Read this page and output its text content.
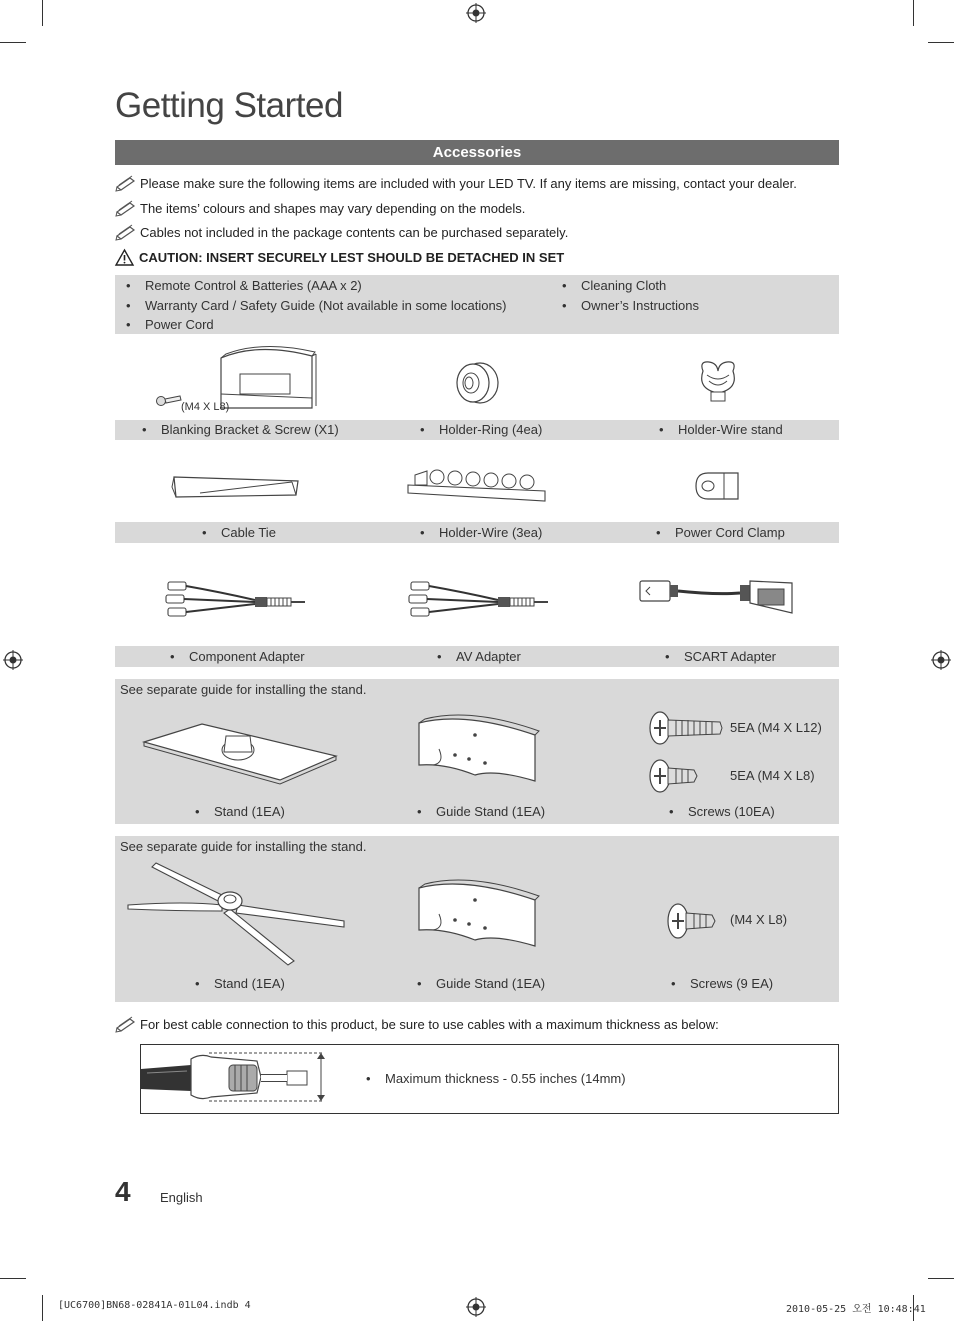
Getting Started
Accessories
Please make sure the following items are included with your LED TV. If any items are missing, contact your dealer.
The items’ colours and shapes may vary depending on the models.
Cables not included in the package contents can be purchased separately.
CAUTION: INSERT SECURELY LEST SHOULD BE DETACHED IN SET
• Remote Control & Batteries (AAA x 2)
• Warranty Card / Safety Guide (Not available in some locations)
• Power Cord
• Cleaning Cloth
• Owner’s Instructions
(M4 X L8)
• Blanking Bracket & Screw (X1)	• Holder-Ring (4ea)	• Holder-Wire stand
• Cable Tie	• Holder-Wire (3ea)	• Power Cord Clamp
• Component Adapter	• AV Adapter	• SCART Adapter
See separate guide for installing the stand.
5EA (M4 X L12)
5EA (M4 X L8)
• Stand (1EA)	• Guide Stand (1EA)	• Screws (10EA)
See separate guide for installing the stand.
(M4 X L8)
• Stand (1EA)	• Guide Stand (1EA)	• Screws (9 EA)
For best cable connection to this product, be sure to use cables with a maximum thickness as below:
• Maximum thickness - 0.55 inches (14mm)
4 English
[UC6700]BN68-02841A-01L04.indb 4	2010-05-25 오전 10:48:41
